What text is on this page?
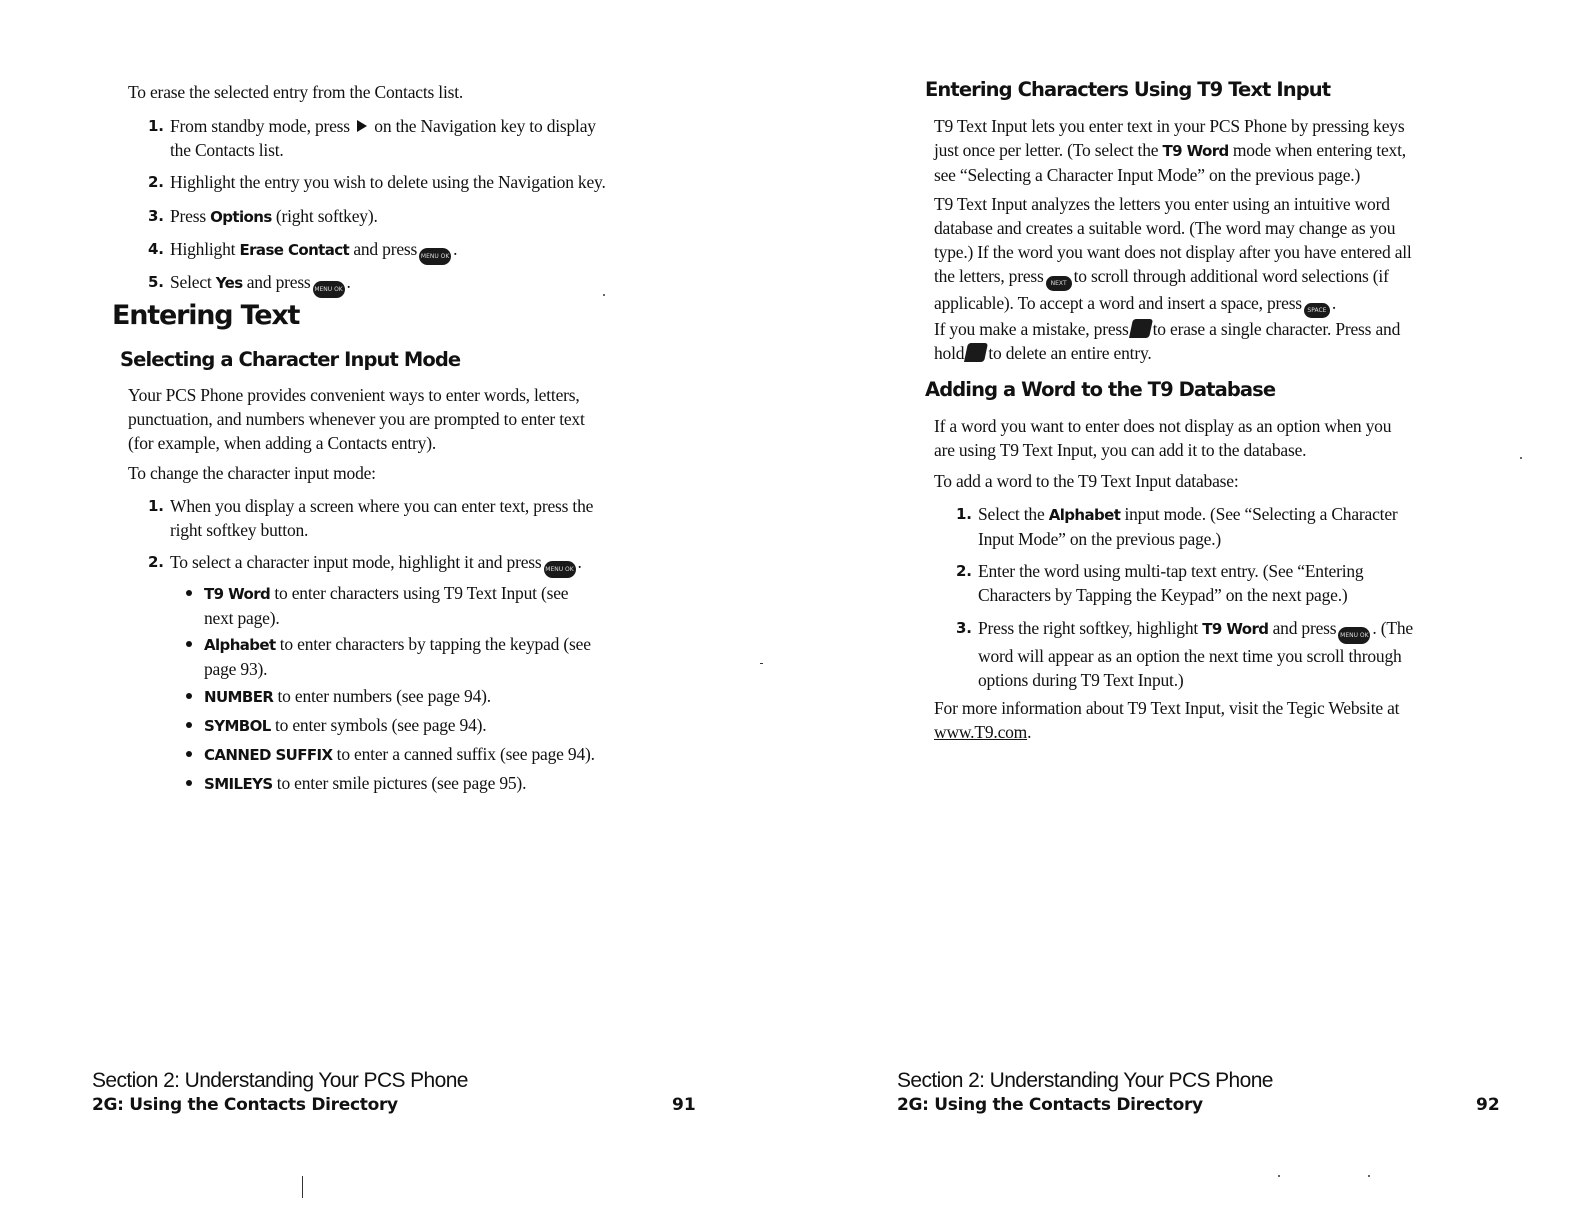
To erase the selected entry from the Contacts list.
1. From standby mode, press on the Navigation key to display
the Contacts list.
2. Highlight the entry you wish to delete using the Navigation key.
3. Press Options (right softkey).
4. Highlight Erase Contact and press MENU OK .
5. Select Yes and press MENU OK .
Entering Text
Selecting a Character Input Mode
Your PCS Phone provides convenient ways to enter words, letters,
punctuation, and numbers whenever you are prompted to enter text
(for example, when adding a Contacts entry).
To change the character input mode:
1. When you display a screen where you can enter text, press the
right softkey button.
2. To select a character input mode, highlight it and press MENU OK .
T9 Word to enter characters using T9 Text Input (see
next page).
Alphabet to enter characters by tapping the keypad (see
page 93).
NUMBER to enter numbers (see page 94).
SYMBOL to enter symbols (see page 94).
CANNED SUFFIX to enter a canned suffix (see page 94).
SMILEYS to enter smile pictures (see page 95).
Section 2: Understanding Your PCS Phone
2G: Using the Contacts Directory	91
Entering Characters Using T9 Text Input
T9 Text Input lets you enter text in your PCS Phone by pressing keys
just once per letter. (To select the T9 Word mode when entering text,
see “Selecting a Character Input Mode” on the previous page.)
T9 Text Input analyzes the letters you enter using an intuitive word
database and creates a suitable word. (The word may change as you
type.) If the word you want does not display after you have entered all
the letters, press NEXT to scroll through additional word selections (if
applicable). To accept a word and insert a space, press SPACE .
If you make a mistake, press to erase a single character. Press and
hold to delete an entire entry.
Adding a Word to the T9 Database
If a word you want to enter does not display as an option when you
are using T9 Text Input, you can add it to the database.
To add a word to the T9 Text Input database:
1. Select the Alphabet input mode. (See “Selecting a Character
Input Mode” on the previous page.)
2. Enter the word using multi-tap text entry. (See “Entering
Characters by Tapping the Keypad” on the next page.)
3. Press the right softkey, highlight T9 Word and press MENU OK . (The
word will appear as an option the next time you scroll through
options during T9 Text Input.)
For more information about T9 Text Input, visit the Tegic Website at
www.T9.com.
Section 2: Understanding Your PCS Phone
2G: Using the Contacts Directory	92
